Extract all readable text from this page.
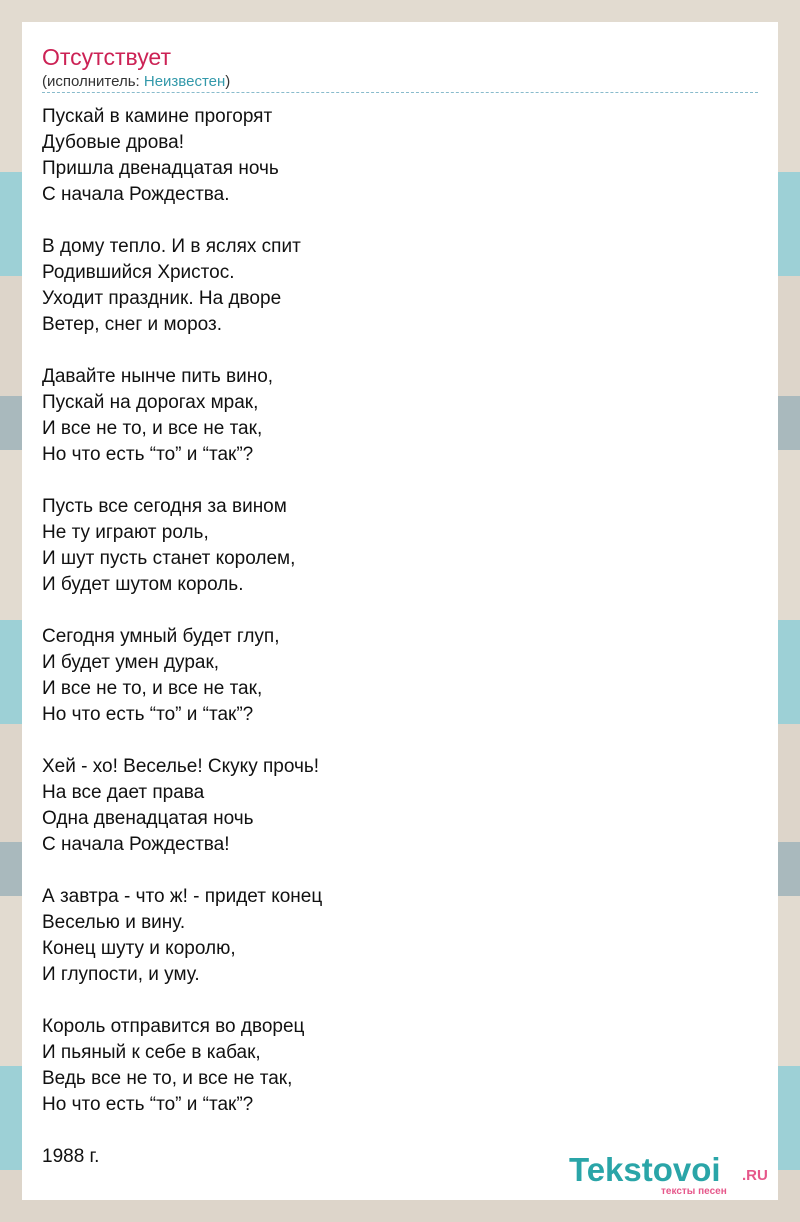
Отсутствует
(исполнитель: Неизвестен)
Пускай в камине прогорят
Дубовые дрова!
Пришла двенадцатая ночь
С начала Рождества.
В дому тепло. И в яслях спит
Родившийся Христос.
Уходит праздник. На дворе
Ветер, снег и мороз.
Давайте нынче пить вино,
Пускай на дорогах мрак,
И все не то, и все не так,
Но что есть “то” и “так”?
Пусть все сегодня за вином
Не ту играют роль,
И шут пусть станет королем,
И будет шутом король.
Сегодня умный будет глуп,
И будет умен дурак,
И все не то, и все не так,
Но что есть “то” и “так”?
Хей - хо! Веселье! Скуку прочь!
На все дает права
Одна двенадцатая ночь
С начала Рождества!
А завтра - что ж! - придет конец
Веселью и вину.
Конец шуту и королю,
И глупости, и уму.
Король отправится во дворец
И пьяный к себе в кабак,
Ведь все не то, и все не так,
Но что есть “то” и “так”?
1988 г.	Tekstovoi .RU
тексты песен
